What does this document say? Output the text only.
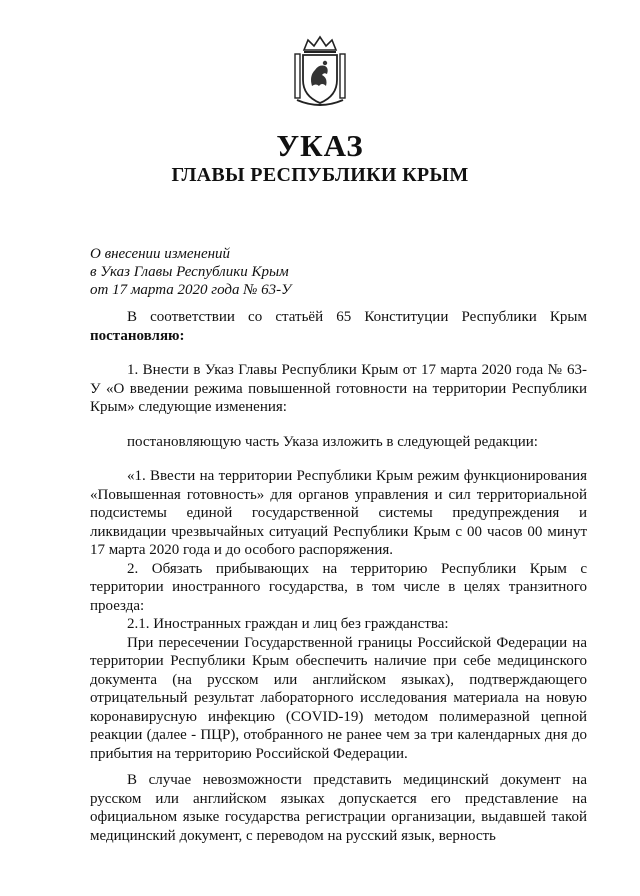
УКАЗ
ГЛАВЫ РЕСПУБЛИКИ КРЫМ
О внесении изменений
в Указ Главы Республики Крым
от 17 марта 2020 года № 63-У

В соответствии со статьёй 65 Конституции Республики Крым постановляю:

1. Внести в Указ Главы Республики Крым от 17 марта 2020 года № 63-У «О введении режима повышенной готовности на территории Республики Крым» следующие изменения:

постановляющую часть Указа изложить в следующей редакции:

«1. Ввести на территории Республики Крым режим функционирования «Повышенная готовность» для органов управления и сил территориальной подсистемы единой государственной системы предупреждения и ликвидации чрезвычайных ситуаций Республики Крым с 00 часов 00 минут 17 марта 2020 года и до особого распоряжения.

2. Обязать прибывающих на территорию Республики Крым с территории иностранного государства, в том числе в целях транзитного проезда:

2.1. Иностранных граждан и лиц без гражданства:

При пересечении Государственной границы Российской Федерации на территории Республики Крым обеспечить наличие при себе медицинского документа (на русском или английском языках), подтверждающего отрицательный результат лабораторного исследования материала на новую коронавирусную инфекцию (COVID-19) методом полимеразной цепной реакции (далее - ПЦР), отобранного не ранее чем за три календарных дня до прибытия на территорию Российской Федерации.

В случае невозможности представить медицинский документ на русском или английском языках допускается его представление на официальном языке государства регистрации организации, выдавшей такой медицинский документ, с переводом на русский язык, верность
